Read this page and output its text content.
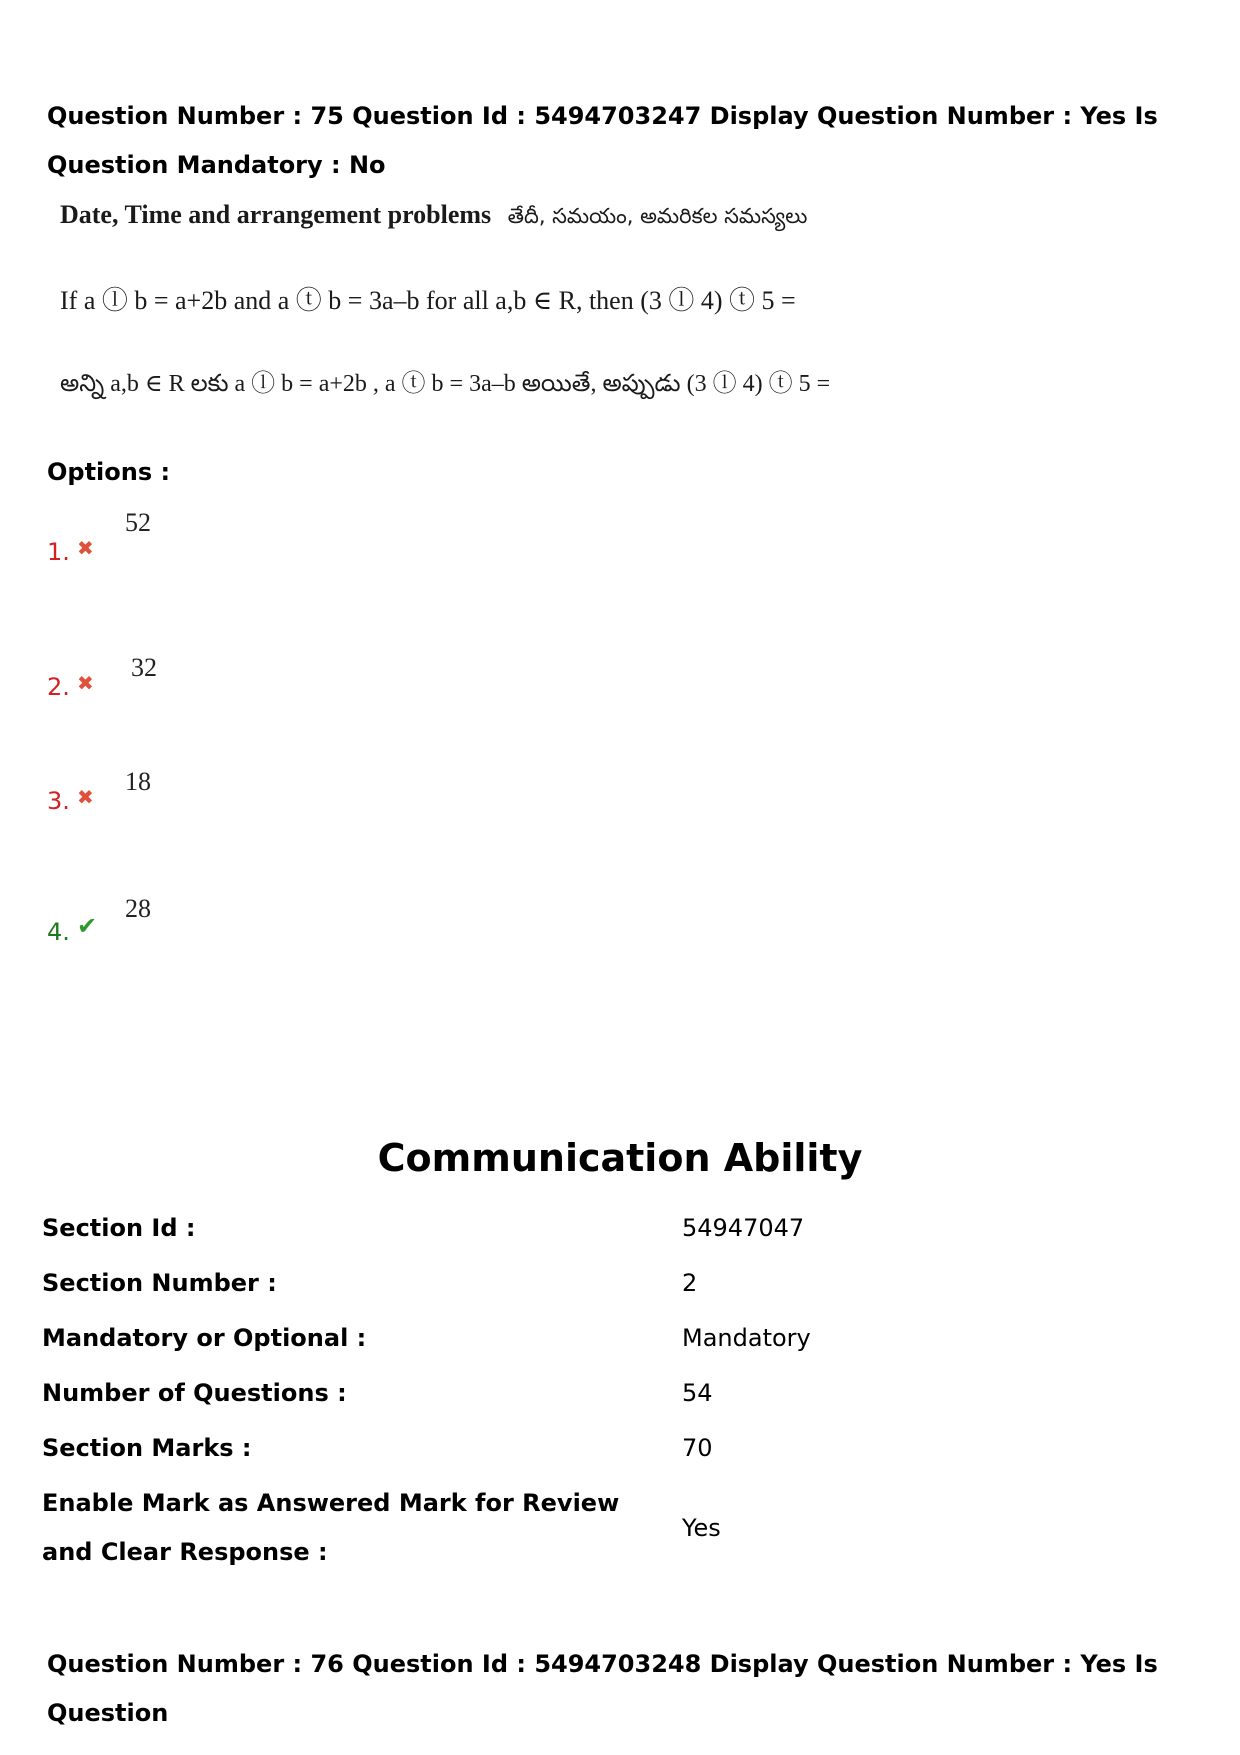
Question Number : 75 Question Id : 5494703247 Display Question Number : Yes Is Question Mandatory : No
Date, Time and arrangement problems తేదీ, సమయం, అమరికల సమస్యలు
If a ⓛ b = a+2b and a ⓣ b = 3a–b for all a,b ∈ R, then (3 ⓛ 4) ⓣ 5 =
అన్ని a,b ∈ R లకు a ⓛ b = a+2b , a ⓣ b = 3a–b అయితే, అప్పుడు (3 ⓛ 4) ⓣ 5 =
Options :
1. ✖
52
2. ✖
32
3. ✖
18
4. ✔
28
Communication Ability
Section Id :	54947047
Section Number :	2
Mandatory or Optional :	Mandatory
Number of Questions :	54
Section Marks :	70
Enable Mark as Answered Mark for Review and Clear Response :
Yes
Question Number : 76 Question Id : 5494703248 Display Question Number : Yes Is Question
